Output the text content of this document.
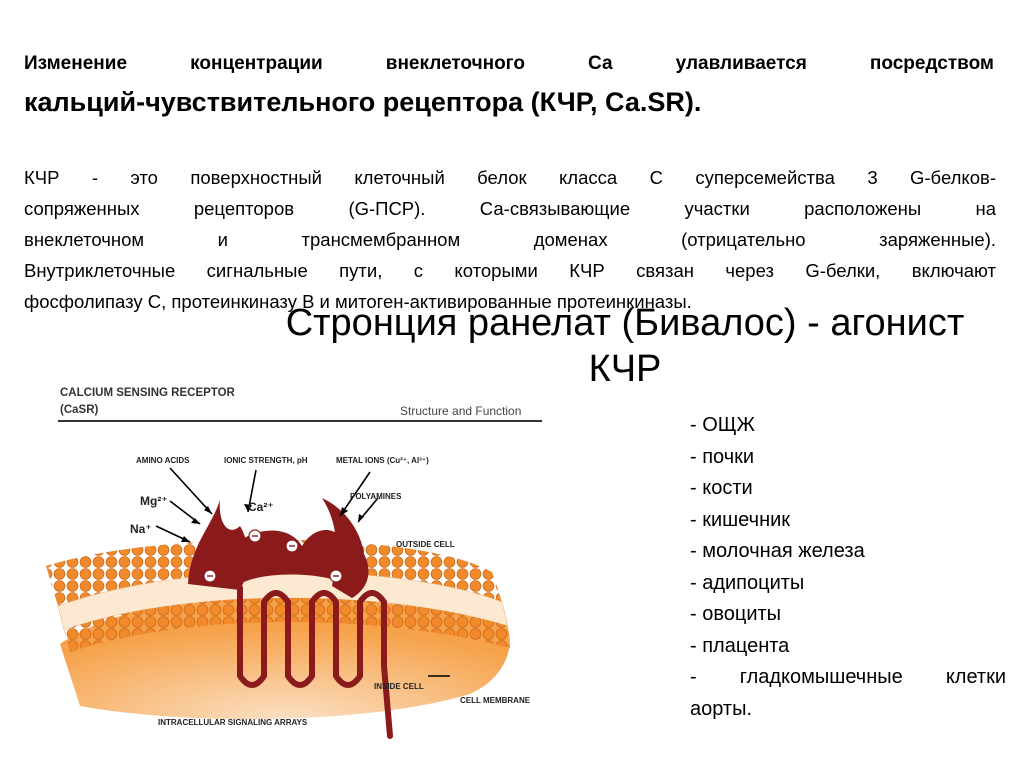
Изменение концентрации внеклеточного Са улавливается посредством
кальций-чувствительного рецептора (КЧР, Са.SR).
КЧР - это поверхностный клеточный белок класса С суперсемейства 3 G-белков-
сопряженных рецепторов (G-ПСР). Са-связывающие участки расположены на
внеклеточном и трансмембранном доменах (отрицательно заряженные).
Внутриклеточные сигнальные пути, с которыми КЧР связан через G-белки, включают
фосфолипазу С, протеинкиназу В и митоген-активированные протеинкиназы.
CALCIUM SENSING RECEPTOR
(CaSR)	Structure and Function
AMINO ACIDS	IONIC STRENGTH, pH	METAL IONS (Cu²⁺, Al³⁺)
Mg²⁺
Na⁺
Ca²⁺
POLYAMINES
OUTSIDE CELL
INSIDE CELL
CELL MEMBRANE
INTRACELLULAR SIGNALING ARRAYS
Стронция ранелат (Бивалос) - агонист
КЧР
- ОЩЖ
- почки
- кости
- кишечник
- молочная железа
- адипоциты
- овоциты
- плацента
- гладкомышечные клетки
аорты.
